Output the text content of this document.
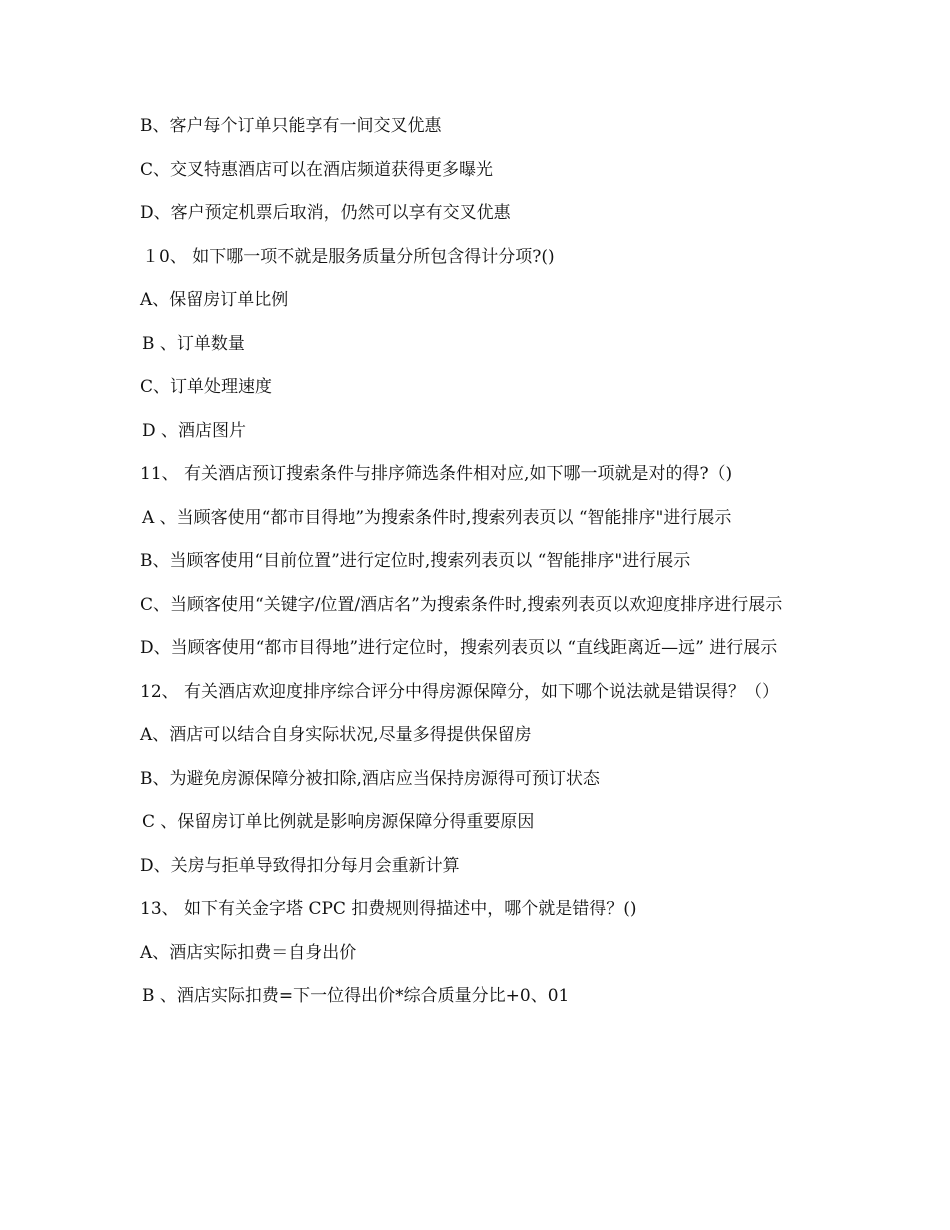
B、客户每个订单只能享有一间交叉优惠

C、交叉特惠酒店可以在酒店频道获得更多曝光

D、客户预定机票后取消，仍然可以享有交叉优惠

１0、 如下哪一项不就是服务质量分所包含得计分项?()

A、保留房订单比例

B 、订单数量

C、订单处理速度

D 、酒店图片

11、 有关酒店预订搜索条件与排序筛选条件相对应,如下哪一项就是对的得?（)

A 、当顾客使用“都市目得地”为搜索条件时,搜索列表页以 “智能排序"进行展示

B、当顾客使用“目前位置”进行定位时,搜索列表页以 “智能排序"进行展示

C、当顾客使用“关键字/位置/酒店名”为搜索条件时,搜索列表页以欢迎度排序进行展示

D、当顾客使用“都市目得地”进行定位时，搜索列表页以 “直线距离近—远” 进行展示

12、 有关酒店欢迎度排序综合评分中得房源保障分，如下哪个说法就是错误得？（）

A、酒店可以结合自身实际状况,尽量多得提供保留房

B、为避免房源保障分被扣除,酒店应当保持房源得可预订状态

C 、保留房订单比例就是影响房源保障分得重要原因

D、关房与拒单导致得扣分每月会重新计算

13、 如下有关金字塔 CPC 扣费规则得描述中，哪个就是错得？()

A、酒店实际扣费＝自身出价

B 、酒店实际扣费=下一位得出价*综合质量分比+0、01
